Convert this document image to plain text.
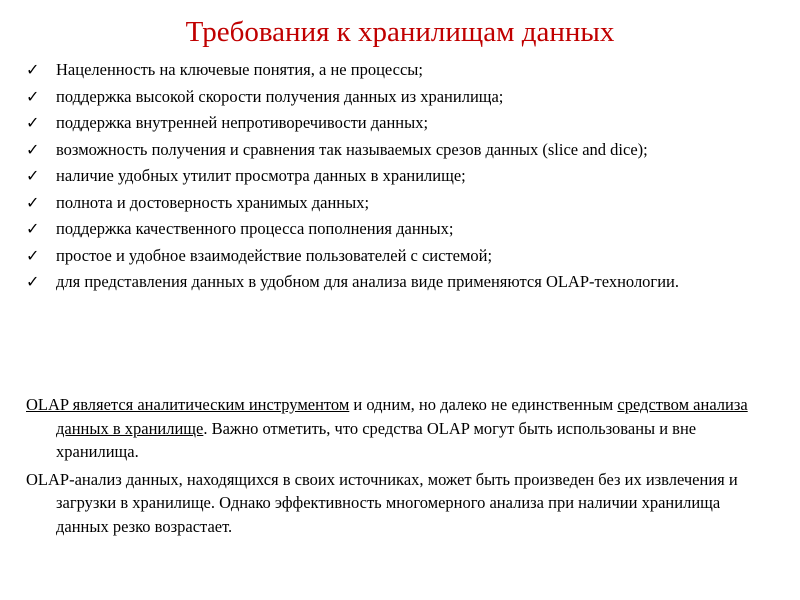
Требования к хранилищам данных
✓	Нацеленность на ключевые понятия, а не процессы;
✓	поддержка высокой скорости получения данных из хранилища;
✓	поддержка внутренней непротиворечивости данных;
✓	возможность получения и сравнения так называемых срезов данных (slice and dice);
✓	наличие удобных утилит просмотра данных в хранилище;
✓	полнота и достоверность хранимых данных;
✓	поддержка качественного процесса пополнения данных;
✓	простое и удобное взаимодействие пользователей с системой;
✓	для представления данных в удобном для анализа виде применяются OLAP-технологии.

OLAP является аналитическим инструментом и одним, но далеко не единственным средством анализа данных в хранилище. Важно отметить, что средства OLAP могут быть использованы и вне хранилища.

OLAP-анализ данных, находящихся в своих источниках, может быть произведен без их извлечения и загрузки в хранилище. Однако эффективность многомерного анализа при наличии хранилища данных резко возрастает.
